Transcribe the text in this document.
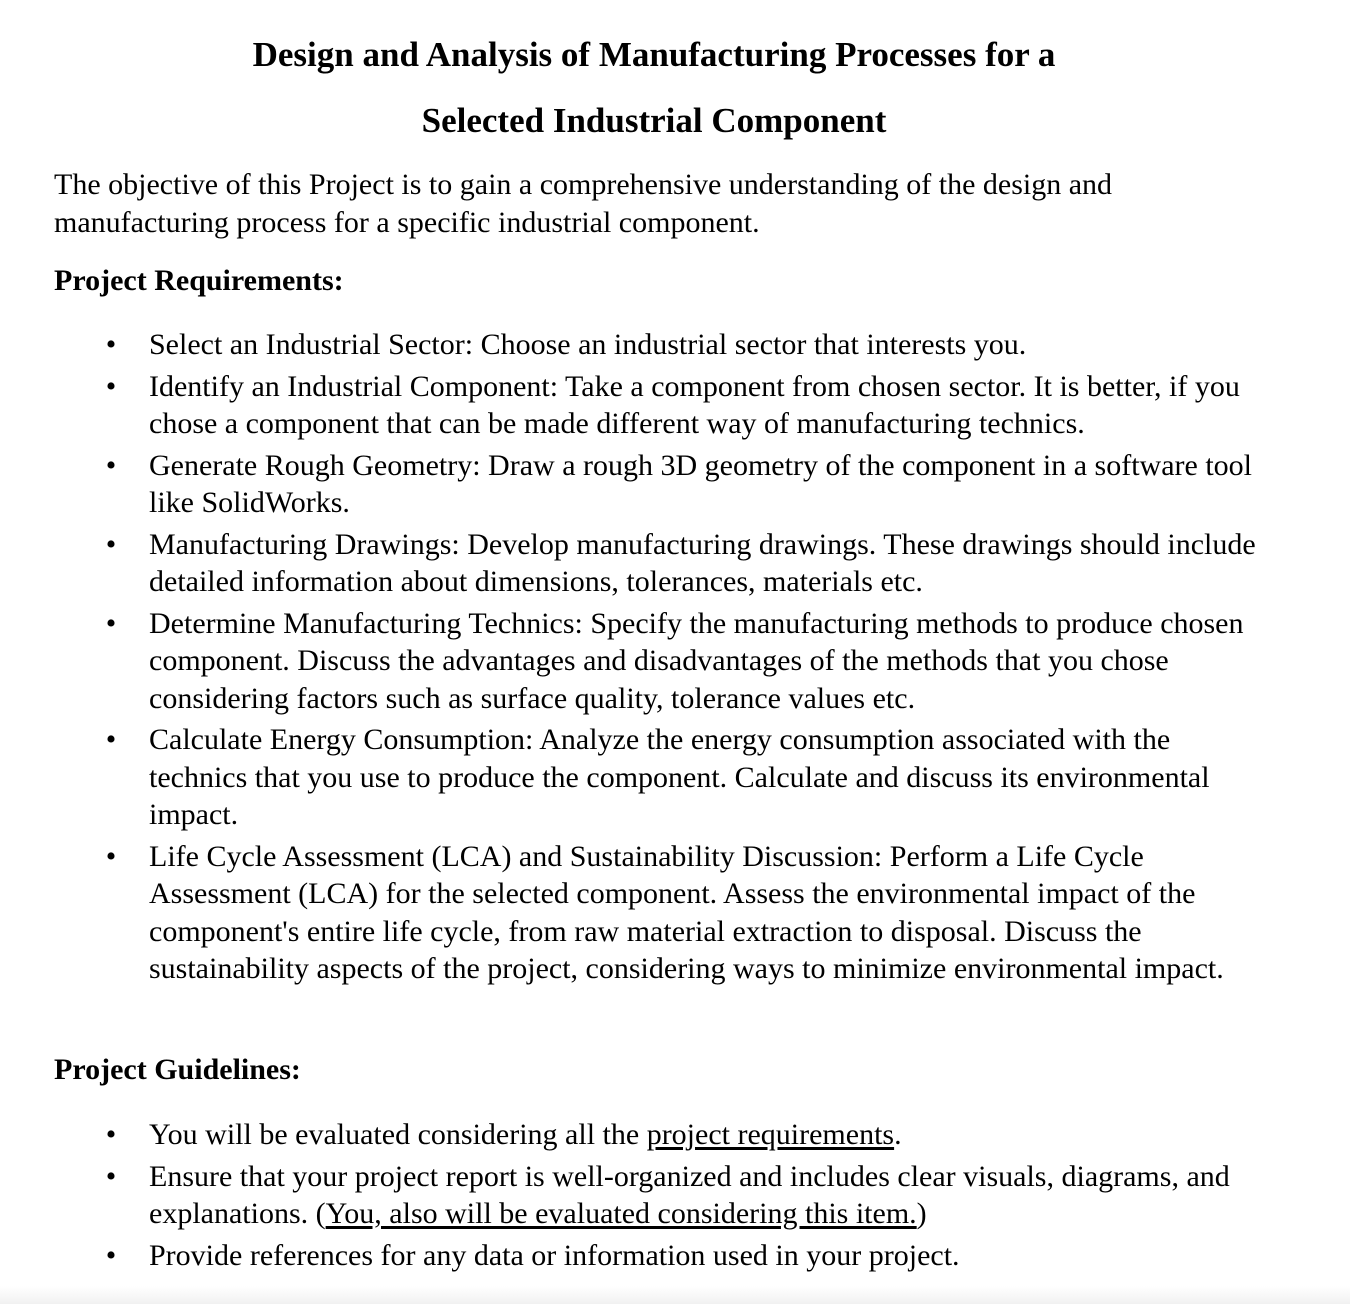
Design and Analysis of Manufacturing Processes for a
Selected Industrial Component
The objective of this Project is to gain a comprehensive understanding of the design and manufacturing process for a specific industrial component.
Project Requirements:
• Select an Industrial Sector: Choose an industrial sector that interests you.
• Identify an Industrial Component: Take a component from chosen sector. It is better, if you chose a component that can be made different way of manufacturing technics.
• Generate Rough Geometry: Draw a rough 3D geometry of the component in a software tool like SolidWorks.
• Manufacturing Drawings: Develop manufacturing drawings. These drawings should include detailed information about dimensions, tolerances, materials etc.
• Determine Manufacturing Technics: Specify the manufacturing methods to produce chosen component. Discuss the advantages and disadvantages of the methods that you chose considering factors such as surface quality, tolerance values etc.
• Calculate Energy Consumption: Analyze the energy consumption associated with the technics that you use to produce the component. Calculate and discuss its environmental impact.
• Life Cycle Assessment (LCA) and Sustainability Discussion: Perform a Life Cycle Assessment (LCA) for the selected component. Assess the environmental impact of the component's entire life cycle, from raw material extraction to disposal. Discuss the sustainability aspects of the project, considering ways to minimize environmental impact.
Project Guidelines:
• You will be evaluated considering all the project requirements.
• Ensure that your project report is well-organized and includes clear visuals, diagrams, and explanations. (You, also will be evaluated considering this item.)
• Provide references for any data or information used in your project.
